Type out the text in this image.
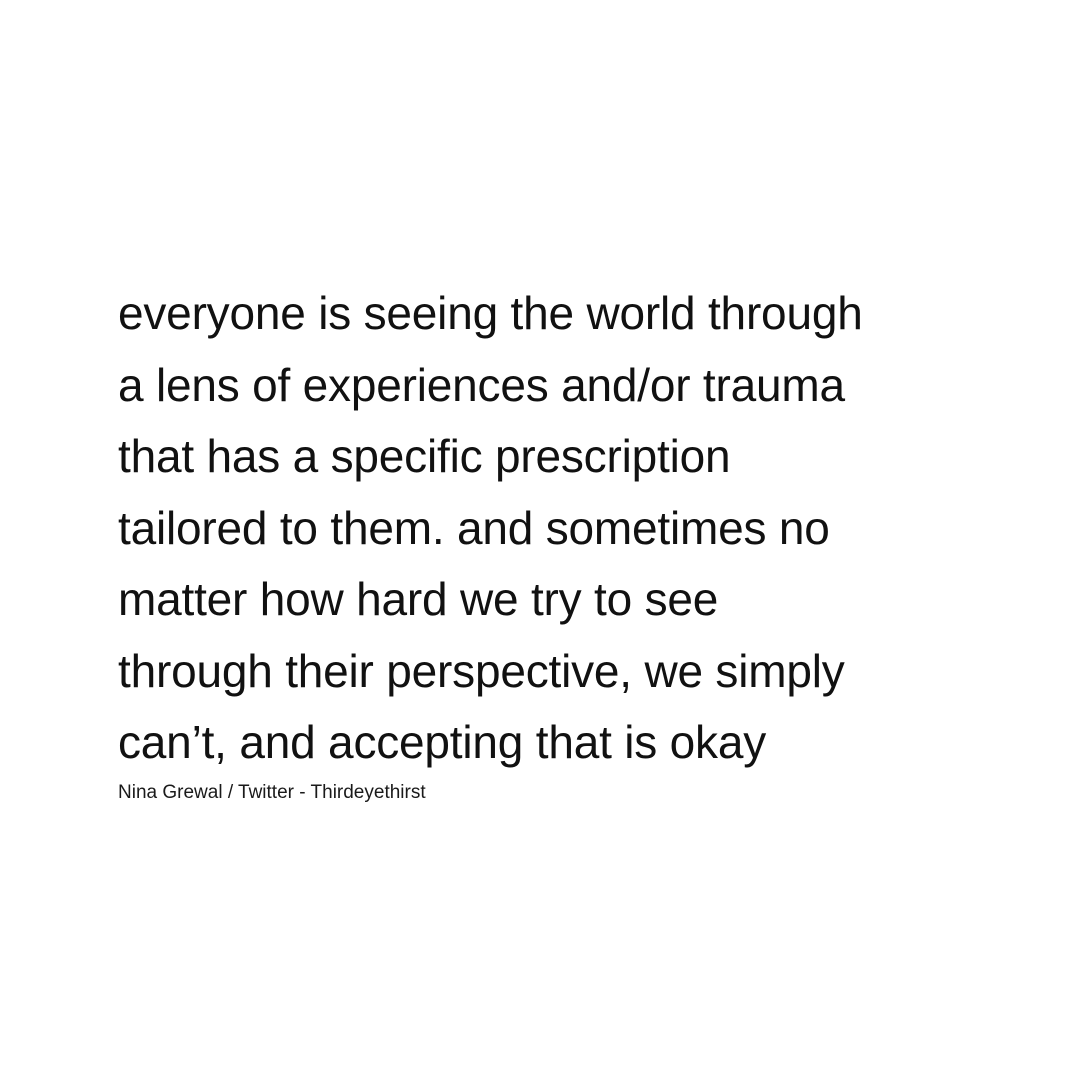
everyone is seeing the world through
a lens of experiences and/or trauma
that has a specific prescription
tailored to them. and sometimes no
matter how hard we try to see
through their perspective, we simply
can’t, and accepting that is okay
Nina Grewal / Twitter - Thirdeyethirst
